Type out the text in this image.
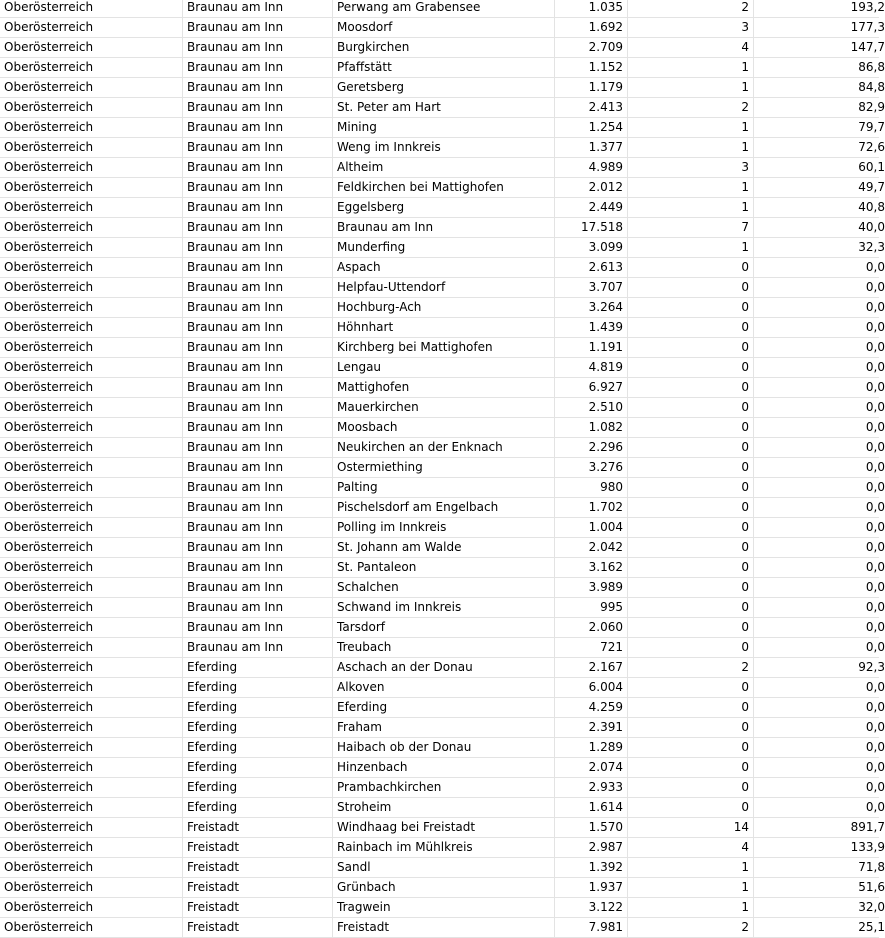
Oberösterreich	Braunau am Inn	Perwang am Grabensee	1.035	2	193,2
Oberösterreich	Braunau am Inn	Moosdorf	1.692	3	177,3
Oberösterreich	Braunau am Inn	Burgkirchen	2.709	4	147,7
Oberösterreich	Braunau am Inn	Pfaffstätt	1.152	1	86,8
Oberösterreich	Braunau am Inn	Geretsberg	1.179	1	84,8
Oberösterreich	Braunau am Inn	St. Peter am Hart	2.413	2	82,9
Oberösterreich	Braunau am Inn	Mining	1.254	1	79,7
Oberösterreich	Braunau am Inn	Weng im Innkreis	1.377	1	72,6
Oberösterreich	Braunau am Inn	Altheim	4.989	3	60,1
Oberösterreich	Braunau am Inn	Feldkirchen bei Mattighofen	2.012	1	49,7
Oberösterreich	Braunau am Inn	Eggelsberg	2.449	1	40,8
Oberösterreich	Braunau am Inn	Braunau am Inn	17.518	7	40,0
Oberösterreich	Braunau am Inn	Munderfing	3.099	1	32,3
Oberösterreich	Braunau am Inn	Aspach	2.613	0	0,0
Oberösterreich	Braunau am Inn	Helpfau-Uttendorf	3.707	0	0,0
Oberösterreich	Braunau am Inn	Hochburg-Ach	3.264	0	0,0
Oberösterreich	Braunau am Inn	Höhnhart	1.439	0	0,0
Oberösterreich	Braunau am Inn	Kirchberg bei Mattighofen	1.191	0	0,0
Oberösterreich	Braunau am Inn	Lengau	4.819	0	0,0
Oberösterreich	Braunau am Inn	Mattighofen	6.927	0	0,0
Oberösterreich	Braunau am Inn	Mauerkirchen	2.510	0	0,0
Oberösterreich	Braunau am Inn	Moosbach	1.082	0	0,0
Oberösterreich	Braunau am Inn	Neukirchen an der Enknach	2.296	0	0,0
Oberösterreich	Braunau am Inn	Ostermiething	3.276	0	0,0
Oberösterreich	Braunau am Inn	Palting	980	0	0,0
Oberösterreich	Braunau am Inn	Pischelsdorf am Engelbach	1.702	0	0,0
Oberösterreich	Braunau am Inn	Polling im Innkreis	1.004	0	0,0
Oberösterreich	Braunau am Inn	St. Johann am Walde	2.042	0	0,0
Oberösterreich	Braunau am Inn	St. Pantaleon	3.162	0	0,0
Oberösterreich	Braunau am Inn	Schalchen	3.989	0	0,0
Oberösterreich	Braunau am Inn	Schwand im Innkreis	995	0	0,0
Oberösterreich	Braunau am Inn	Tarsdorf	2.060	0	0,0
Oberösterreich	Braunau am Inn	Treubach	721	0	0,0
Oberösterreich	Eferding	Aschach an der Donau	2.167	2	92,3
Oberösterreich	Eferding	Alkoven	6.004	0	0,0
Oberösterreich	Eferding	Eferding	4.259	0	0,0
Oberösterreich	Eferding	Fraham	2.391	0	0,0
Oberösterreich	Eferding	Haibach ob der Donau	1.289	0	0,0
Oberösterreich	Eferding	Hinzenbach	2.074	0	0,0
Oberösterreich	Eferding	Prambachkirchen	2.933	0	0,0
Oberösterreich	Eferding	Stroheim	1.614	0	0,0
Oberösterreich	Freistadt	Windhaag bei Freistadt	1.570	14	891,7
Oberösterreich	Freistadt	Rainbach im Mühlkreis	2.987	4	133,9
Oberösterreich	Freistadt	Sandl	1.392	1	71,8
Oberösterreich	Freistadt	Grünbach	1.937	1	51,6
Oberösterreich	Freistadt	Tragwein	3.122	1	32,0
Oberösterreich	Freistadt	Freistadt	7.981	2	25,1
